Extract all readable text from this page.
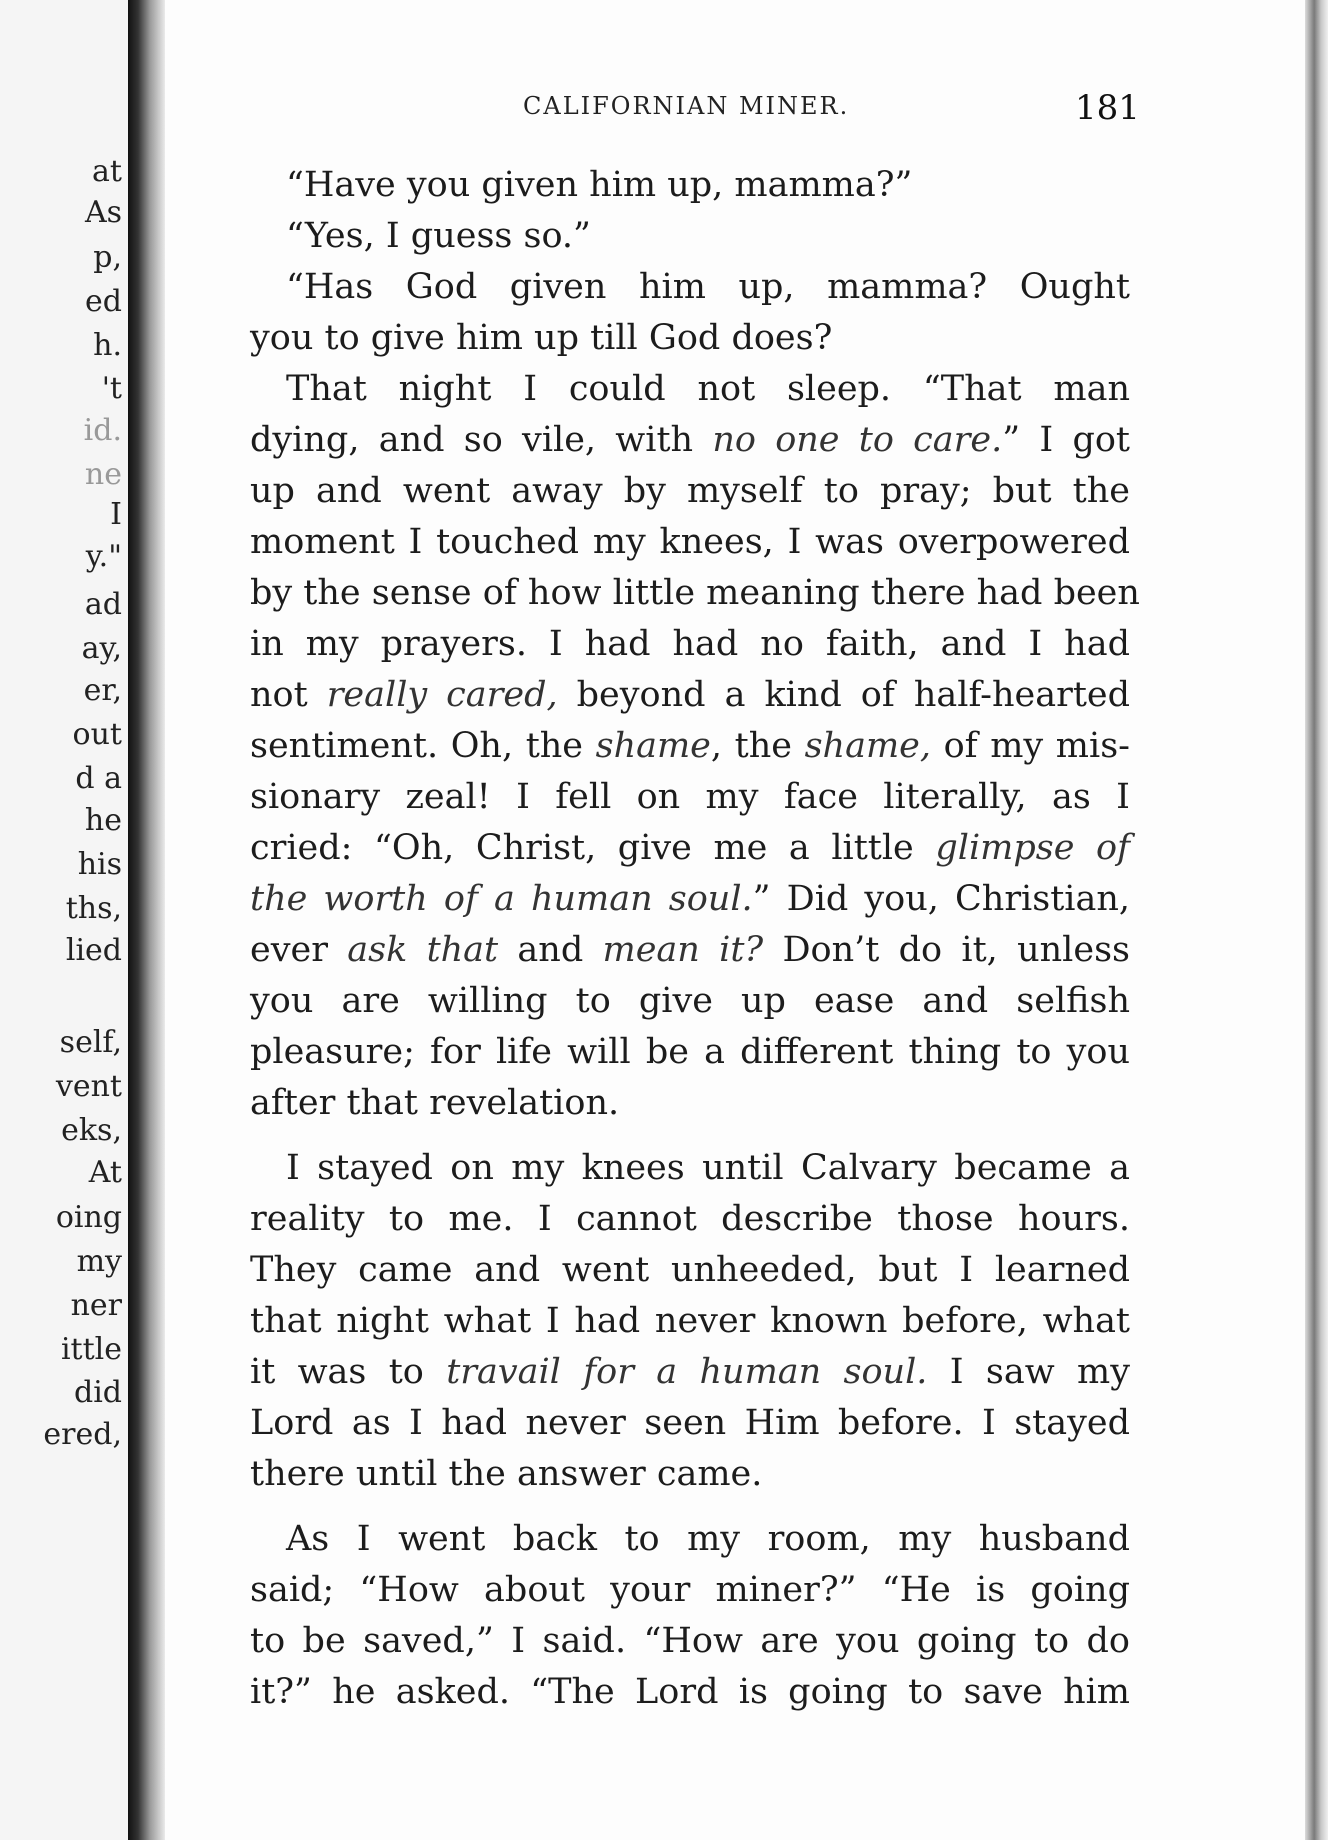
at

As

p,

ed

h.

't

id.

ne

I

y."

ad

ay,

er,

out

d a

he

his

ths,

lied

self,

vent

eks,

At

oing

my

ner

ittle

did

ered,

CALIFORNIAN MINER.	181

“Have you given him up, mamma?”

“Yes, I guess so.”

“Has God given him up, mamma? Ought

you to give him up till God does?

That night I could not sleep. “That man

dying, and so vile, with no one to care.” I got

up and went away by myself to pray; but the

moment I touched my knees, I was overpowered

by the sense of how little meaning there had been

in my prayers. I had had no faith, and I had

not really cared, beyond a kind of half-hearted

sentiment. Oh, the shame, the shame, of my mis-

sionary zeal! I fell on my face literally, as I

cried: “Oh, Christ, give me a little glimpse of

the worth of a human soul.” Did you, Christian,

ever ask that and mean it? Don’t do it, unless

you are willing to give up ease and selfish

pleasure; for life will be a different thing to you

after that revelation.

I stayed on my knees until Calvary became a

reality to me. I cannot describe those hours.

They came and went unheeded, but I learned

that night what I had never known before, what

it was to travail for a human soul. I saw my

Lord as I had never seen Him before. I stayed

there until the answer came.

As I went back to my room, my husband

said; “How about your miner?” “He is going

to be saved,” I said. “How are you going to do

it?” he asked. “The Lord is going to save him
